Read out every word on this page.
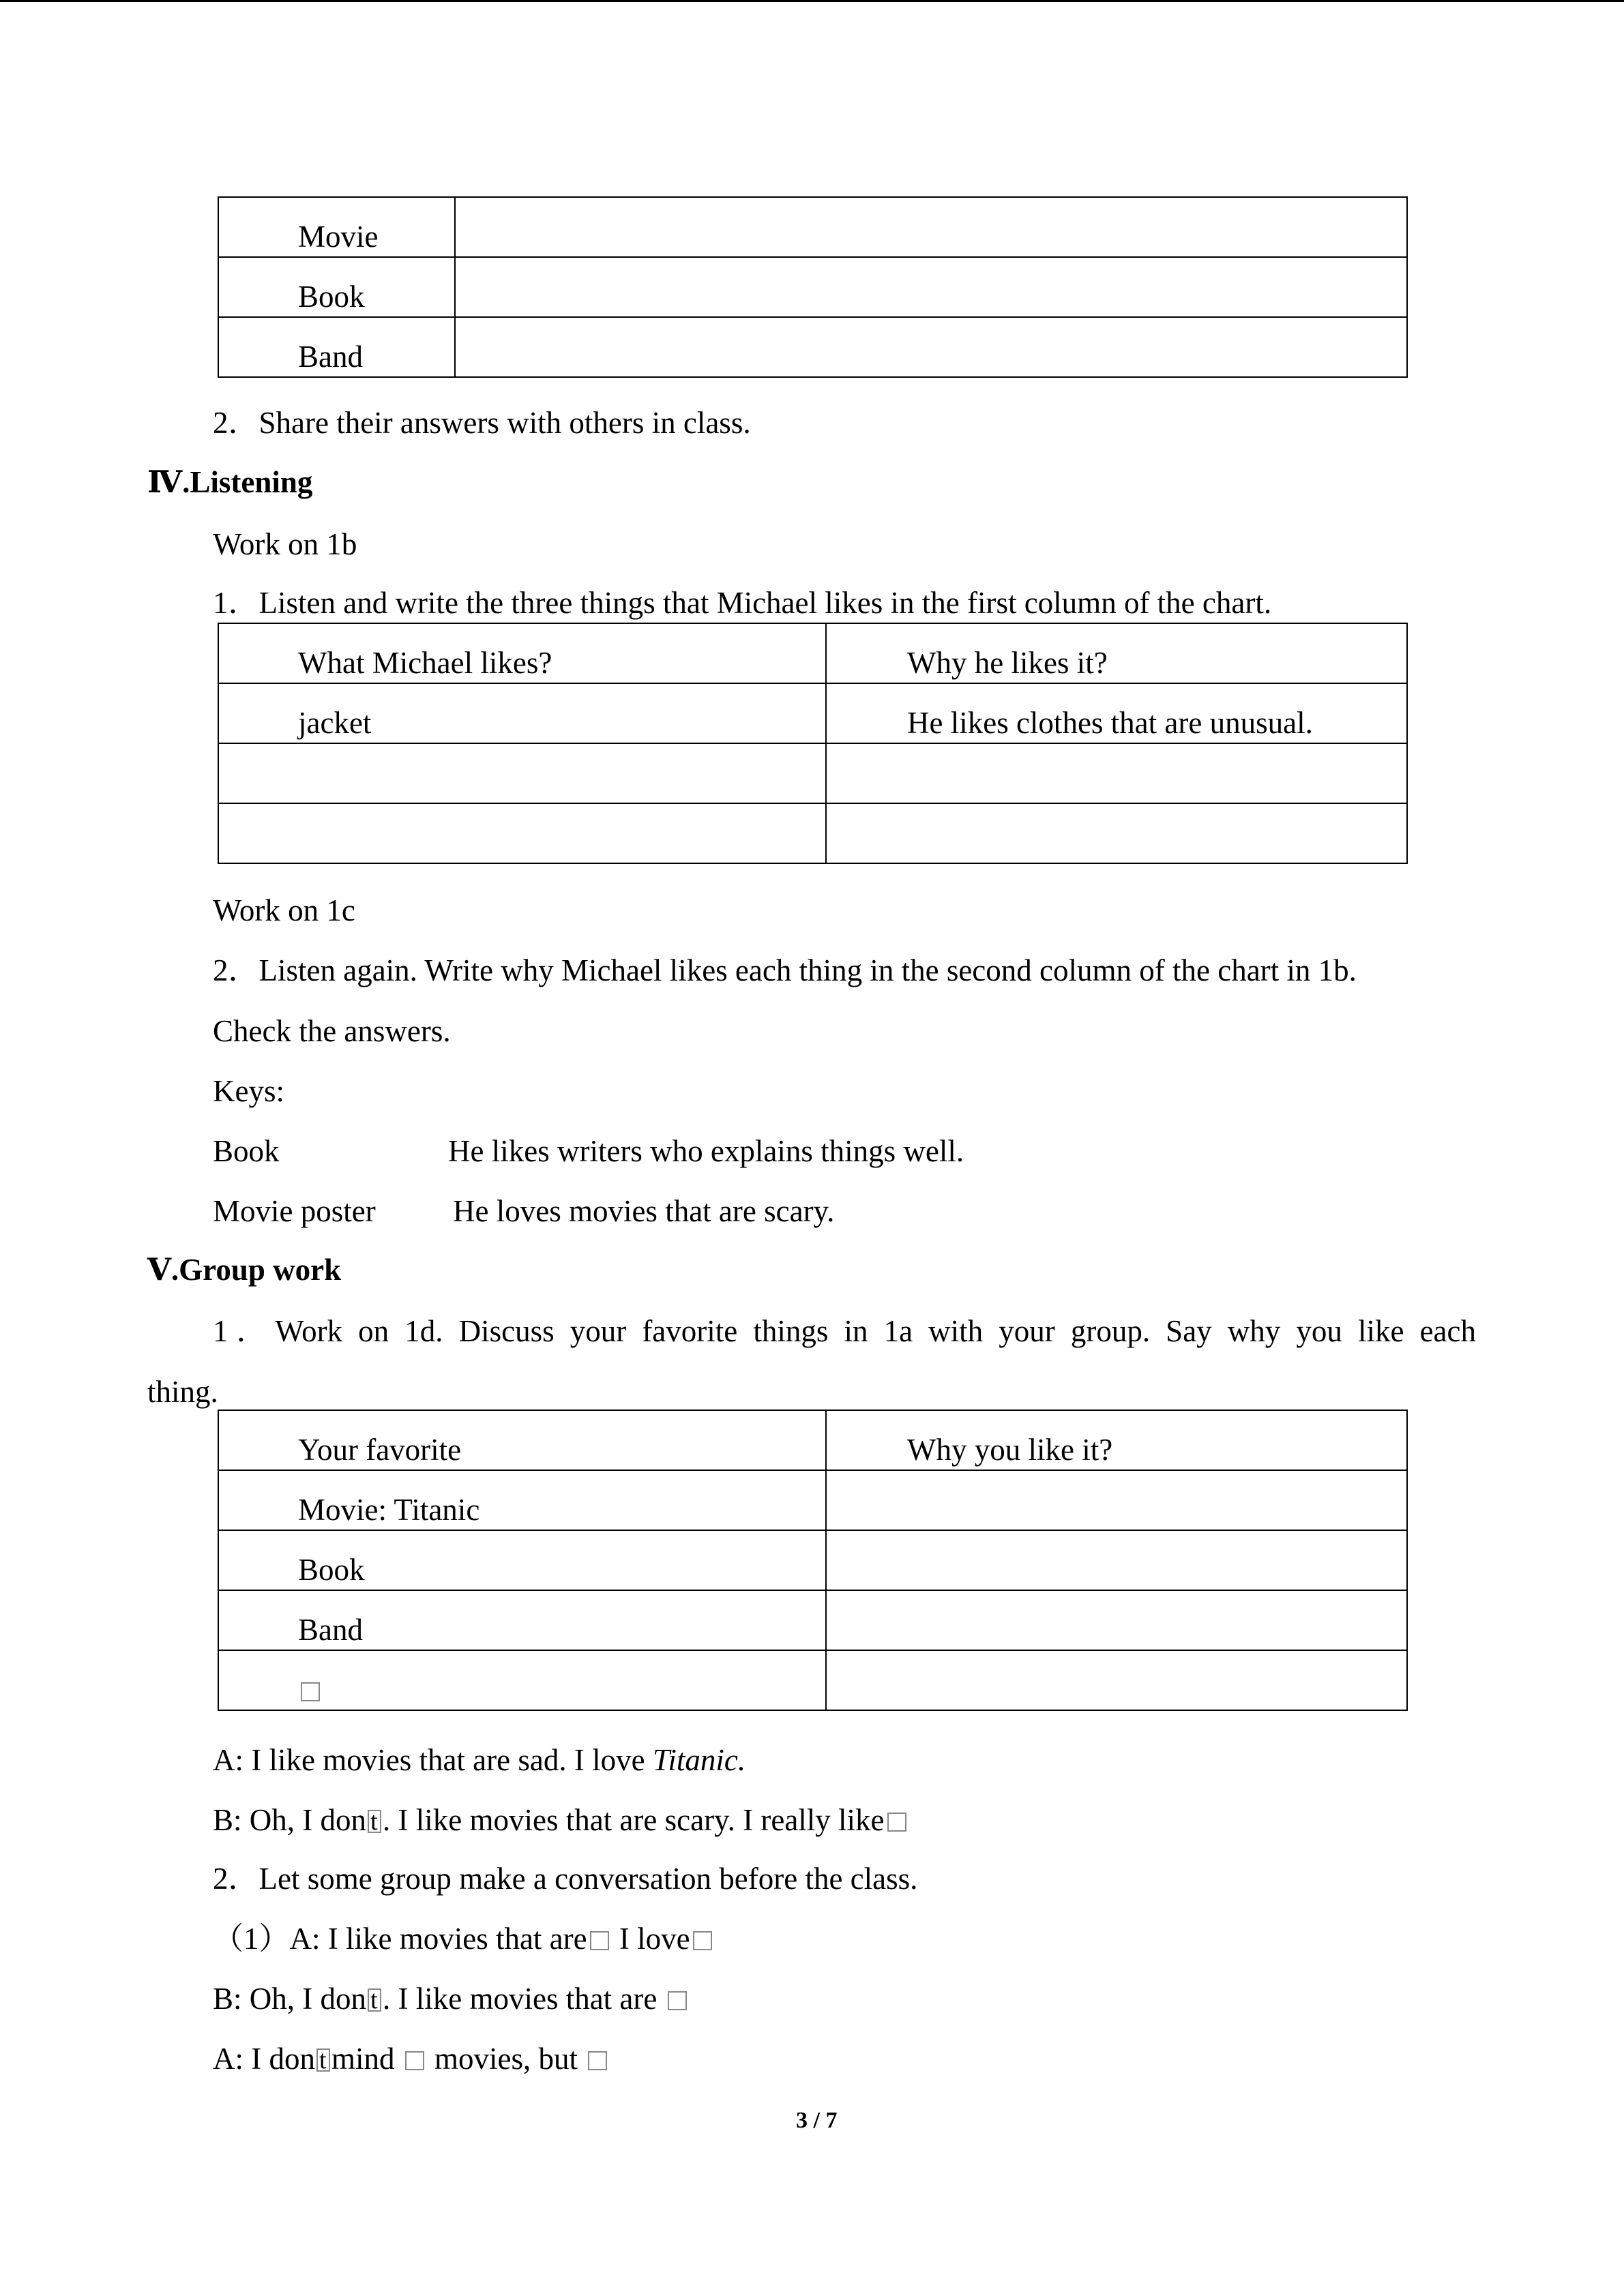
Movie	

Book	

Band	

2．Share their answers with others in class.
Ⅳ.Listening
Work on 1b
1．Listen and write the three things that Michael likes in the first column of the chart.
What Michael likes?	Why he likes it?

jacket	He likes clothes that are unusual.

Work on 1c
2．Listen again. Write why Michael likes each thing in the second column of the chart in 1b.
Check the answers.
Keys:
Book	He likes writers who explains things well.
Movie poster	He loves movies that are scary.
Ⅴ.Group work
1．Work on 1d. Discuss your favorite things in 1a with your group. Say why you like each
thing.
Your favorite	Why you like it?

Movie: Titanic	

Book	

Band	

A: I like movies that are sad. I love Titanic.
B: Oh, I don t . I like movies that are scary. I really like
2．Let some group make a conversation before the class.
（1）A: I like movies that are I love
B: Oh, I don t . I like movies that are
A: I don t mind movies, but
3 / 7
